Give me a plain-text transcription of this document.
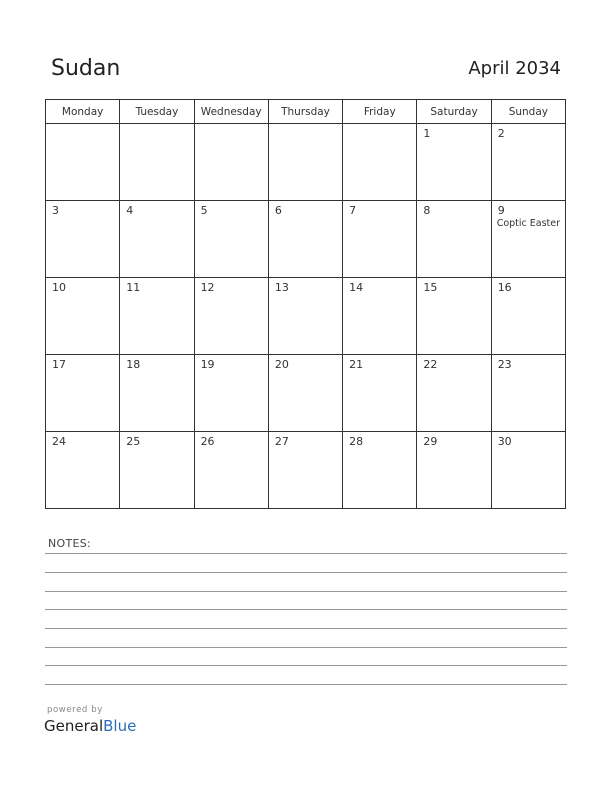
Sudan	April 2034
Monday	Tuesday	Wednesday	Thursday	Friday	Saturday	Sunday

					1	2

3	4	5	6	7	8	9
Coptic Easter

10	11	12	13	14	15	16

17	18	19	20	21	22	23

24	25	26	27	28	29	30
NOTES:
powered by
GeneralBlue
